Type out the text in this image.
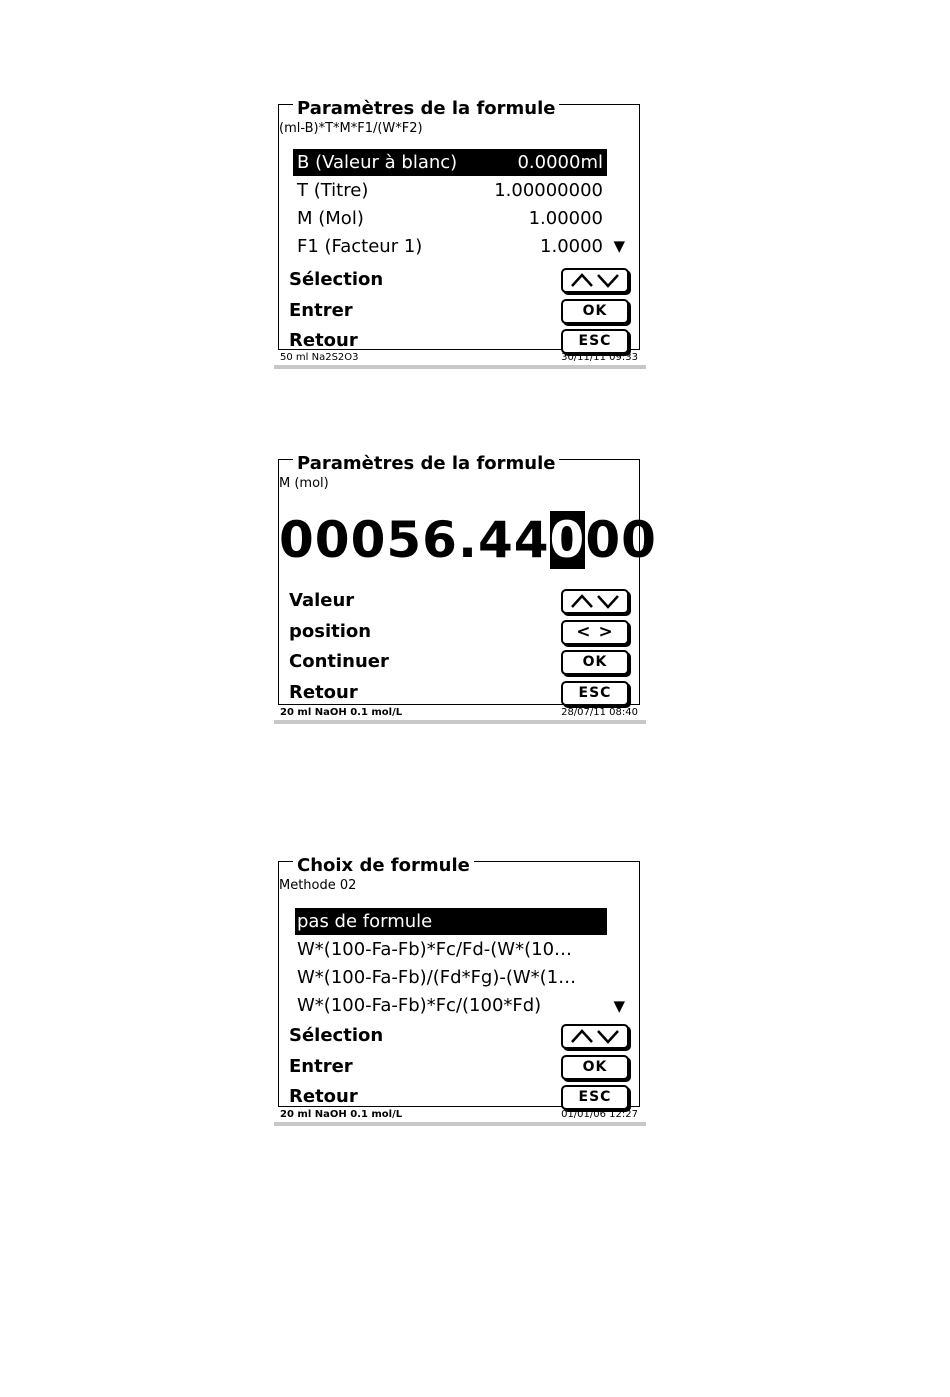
Paramètres de la formule
(ml-B)*T*M*F1/(W*F2)
B (Valeur à blanc)	0.0000ml
T (Titre)	1.00000000
M (Mol)	1.00000
F1 (Facteur 1)	1.0000 ▼
Sélection
Entrer	OK
Retour	ESC
50 ml Na2S2O3	30/11/11 09:33
Paramètres de la formule
M (mol)
00056.44000
Valeur
position	< >
Continuer	OK
Retour	ESC
20 ml NaOH 0.1 mol/L	28/07/11 08:40
Choix de formule
Methode 02
pas de formule
W*(100-Fa-Fb)*Fc/Fd-(W*(10…
W*(100-Fa-Fb)/(Fd*Fg)-(W*(1…
W*(100-Fa-Fb)*Fc/(100*Fd)	▼
Sélection
Entrer	OK
Retour	ESC
20 ml NaOH 0.1 mol/L	01/01/06 12:27
